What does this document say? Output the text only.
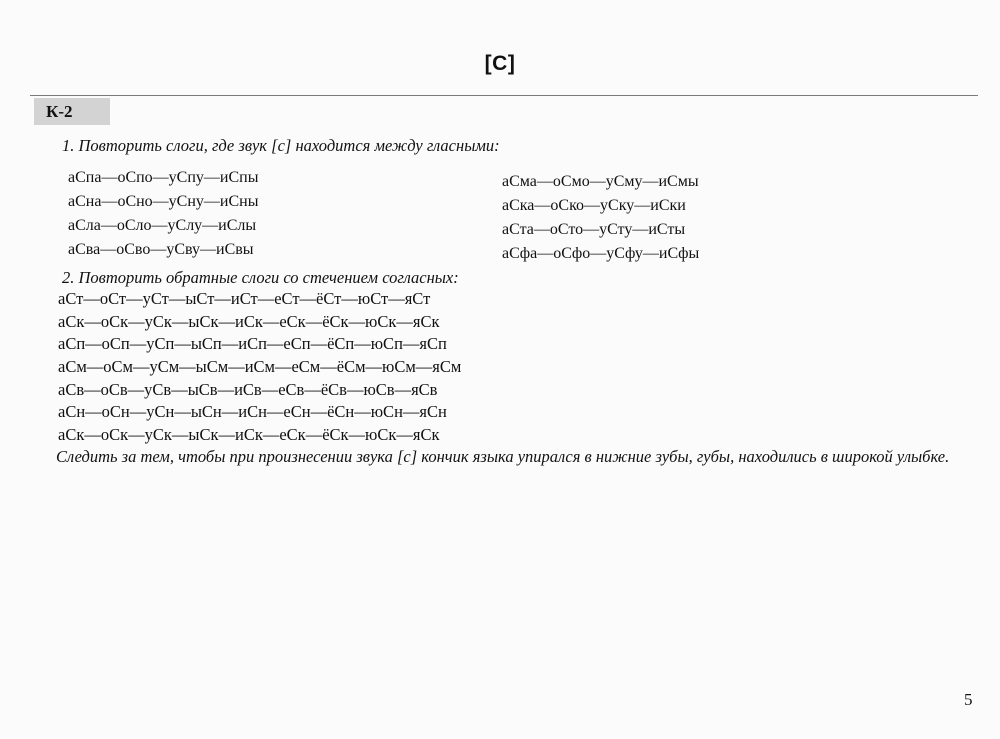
[С]
К-2
1. Повторить слоги, где звук [с] находится между гласными:
аСпа—оСпо—уСпу—иСпы
аСна—оСно—уСну—иСны
аСла—оСло—уСлу—иСлы
аСва—оСво—уСву—иСвы
аСма—оСмо—уСму—иСмы
аСка—оСко—уСку—иСки
аСта—оСто—уСту—иСты
аСфа—оСфо—уСфу—иСфы
2. Повторить обратные слоги со стечением согласных:
аСт—оСт—уСт—ыСт—иСт—еСт—ёСт—юСт—яСт
аСк—оСк—уСк—ыСк—иСк—еСк—ёСк—юСк—яСк
аСп—оСп—уСп—ыСп—иСп—еСп—ёСп—юСп—яСп
аСм—оСм—уСм—ыСм—иСм—еСм—ёСм—юСм—яСм
аСв—оСв—уСв—ыСв—иСв—еСв—ёСв—юСв—яСв
аСн—оСн—уСн—ыСн—иСн—еСн—ёСн—юСн—яСн
аСк—оСк—уСк—ыСк—иСк—еСк—ёСк—юСк—яСк
Следить за тем, чтобы при произнесении звука [с] кончик языка упирался в нижние зубы, губы, находились в широкой улыбке.
5
